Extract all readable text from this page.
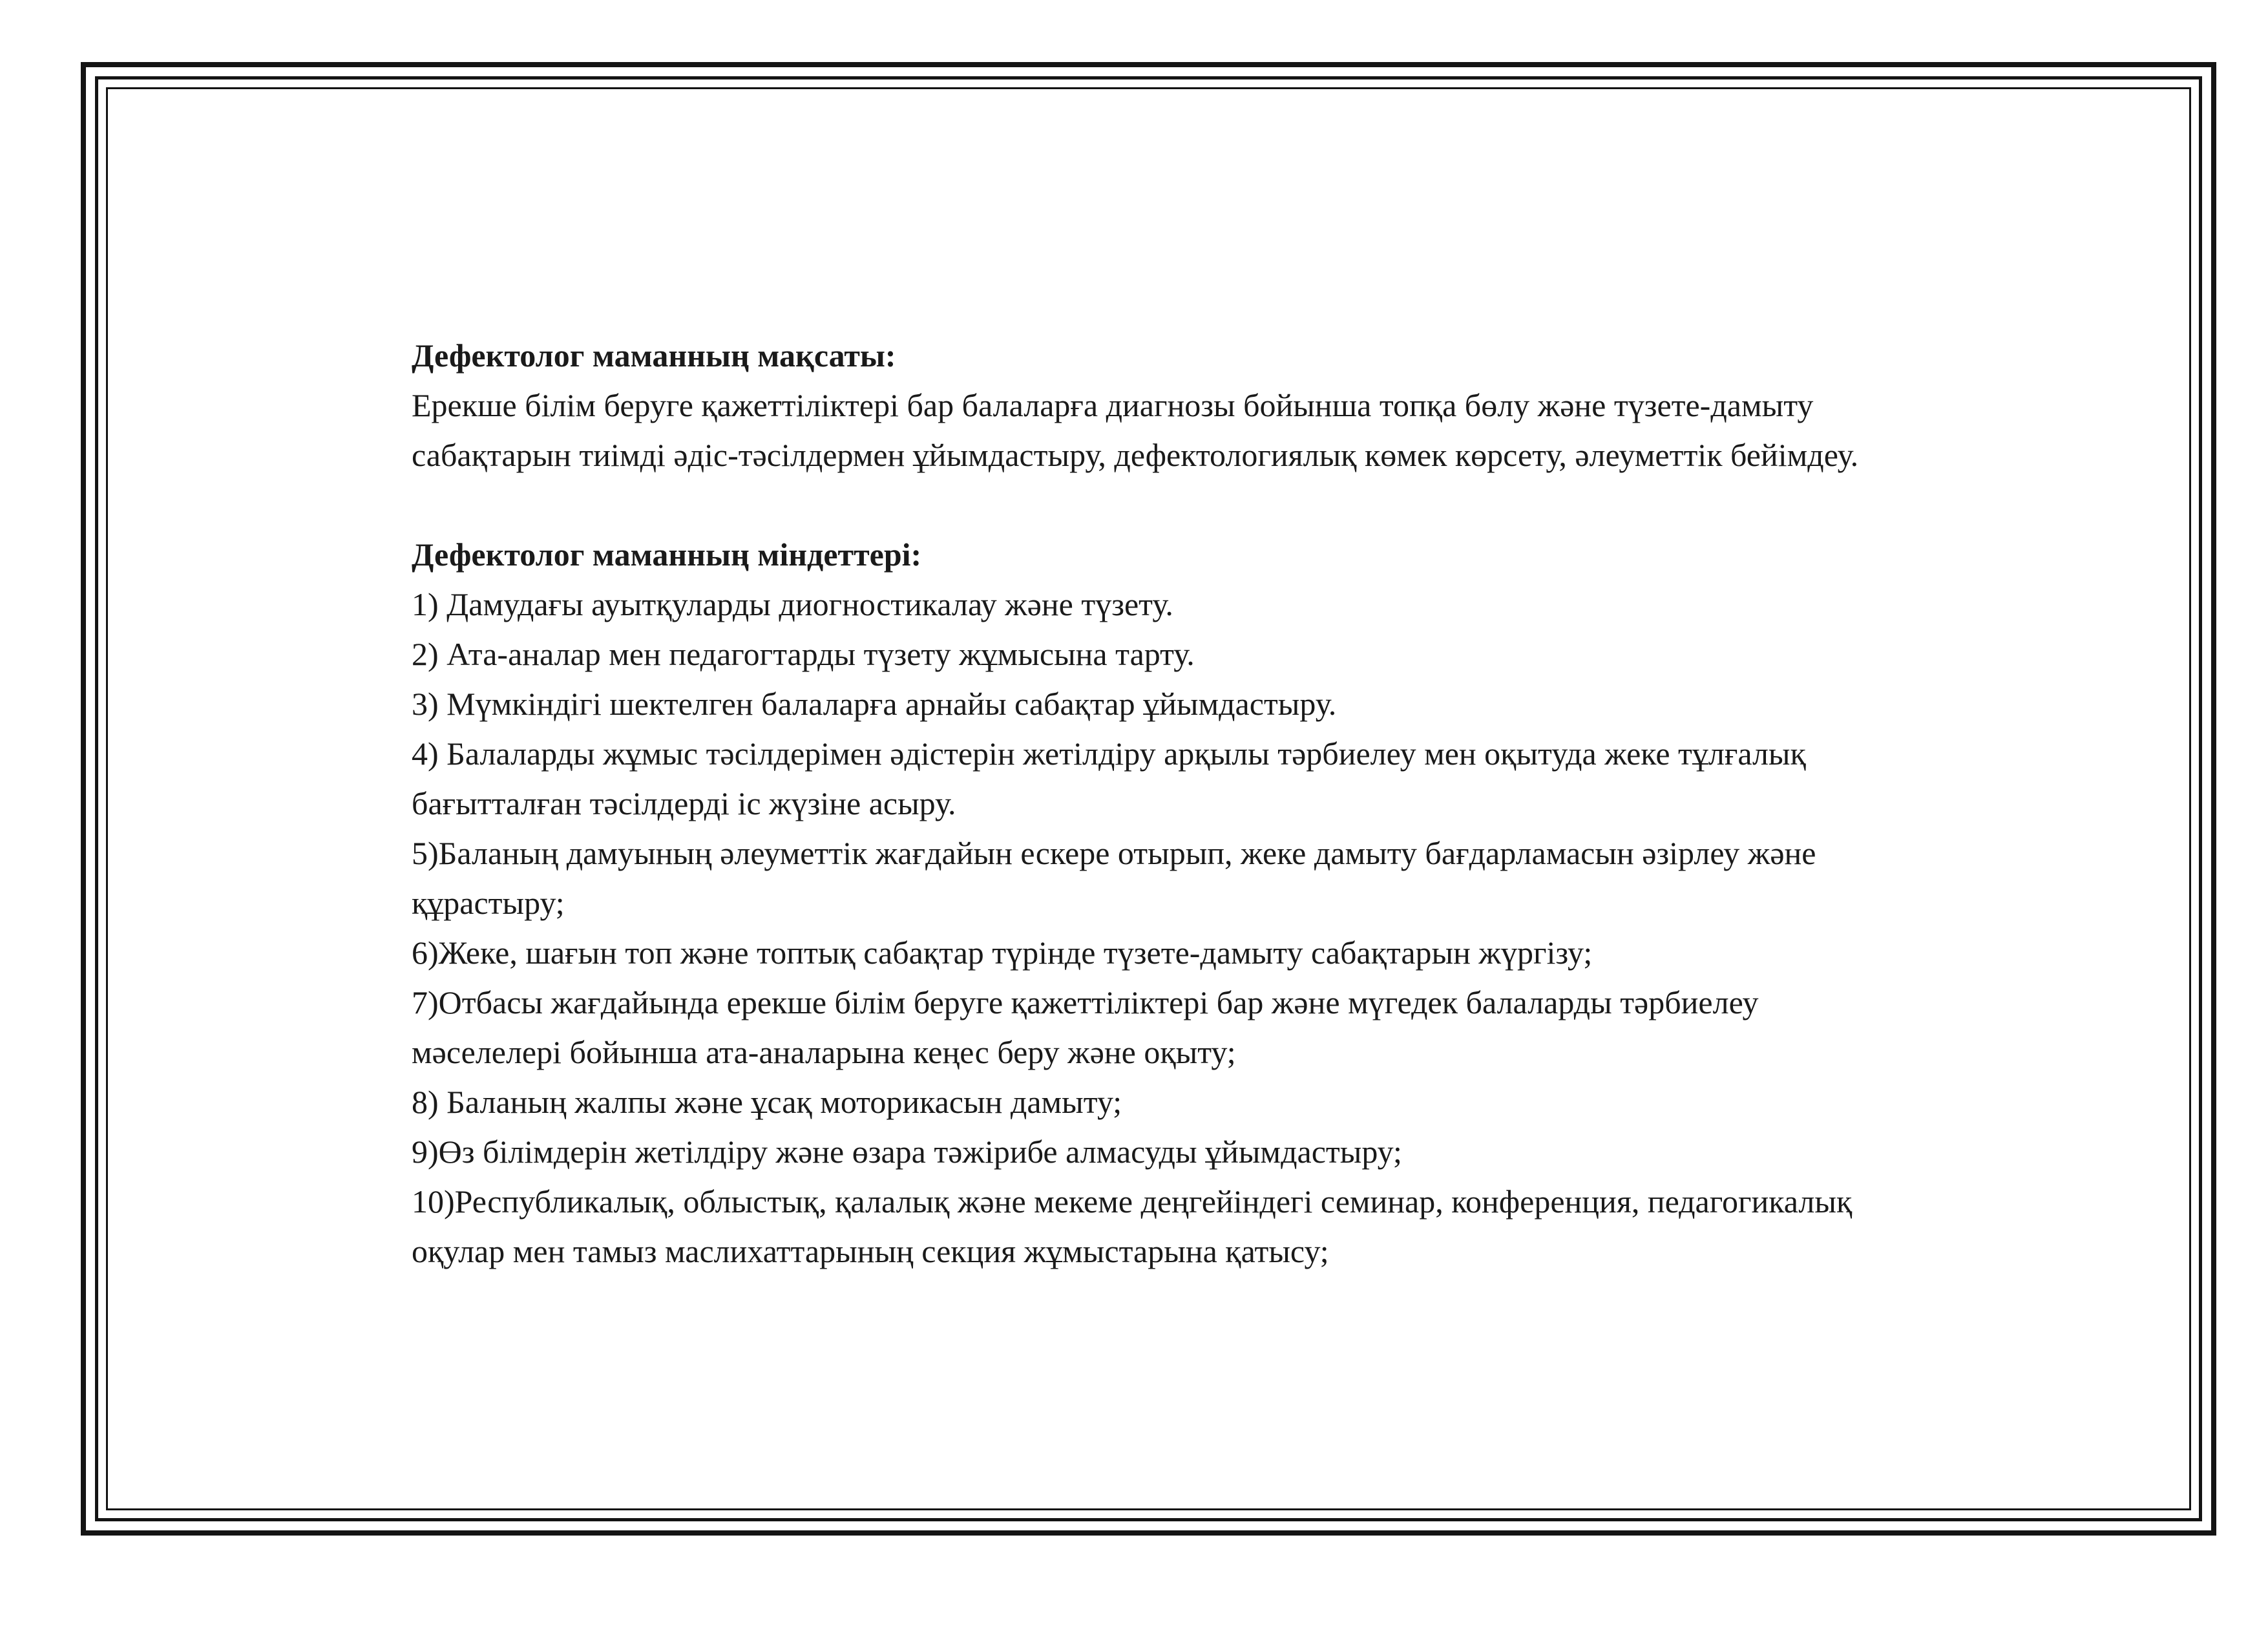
Дефектолог маманның мақсаты:
Ерекше білім беруге қажеттіліктері бар балаларға диагнозы бойынша топқа бөлу және түзете-дамыту
сабақтарын тиімді әдіс-тәсілдермен ұйымдастыру, дефектологиялық көмек көрсету, әлеуметтік бейімдеу.
Дефектолог маманның міндеттері:
1) Дамудағы ауытқуларды диогностикалау және түзету.
2) Ата-аналар мен педагогтарды түзету жұмысына тарту.
3) Мүмкіндігі шектелген балаларға арнайы сабақтар ұйымдастыру.
4) Балаларды жұмыс тәсілдерімен әдістерін жетілдіру арқылы тәрбиелеу мен оқытуда жеке тұлғалық
бағытталған тәсілдерді іс жүзіне асыру.
5)Баланың дамуының әлеуметтік жағдайын ескере отырып, жеке дамыту бағдарламасын әзірлеу және
құрастыру;
6)Жеке, шағын топ және топтық сабақтар түрінде түзете-дамыту сабақтарын жүргізу;
7)Отбасы жағдайында ерекше білім беруге қажеттіліктері бар және мүгедек балаларды тәрбиелеу
мәселелері бойынша ата-аналарына кеңес беру және оқыту;
8) Баланың жалпы және ұсақ моторикасын дамыту;
9)Өз білімдерін жетілдіру және өзара тәжірибе алмасуды ұйымдастыру;
10)Республикалық, облыстық, қалалық және мекеме деңгейіндегі семинар, конференция, педагогикалық
оқулар мен тамыз маслихаттарының секция жұмыстарына қатысу;
